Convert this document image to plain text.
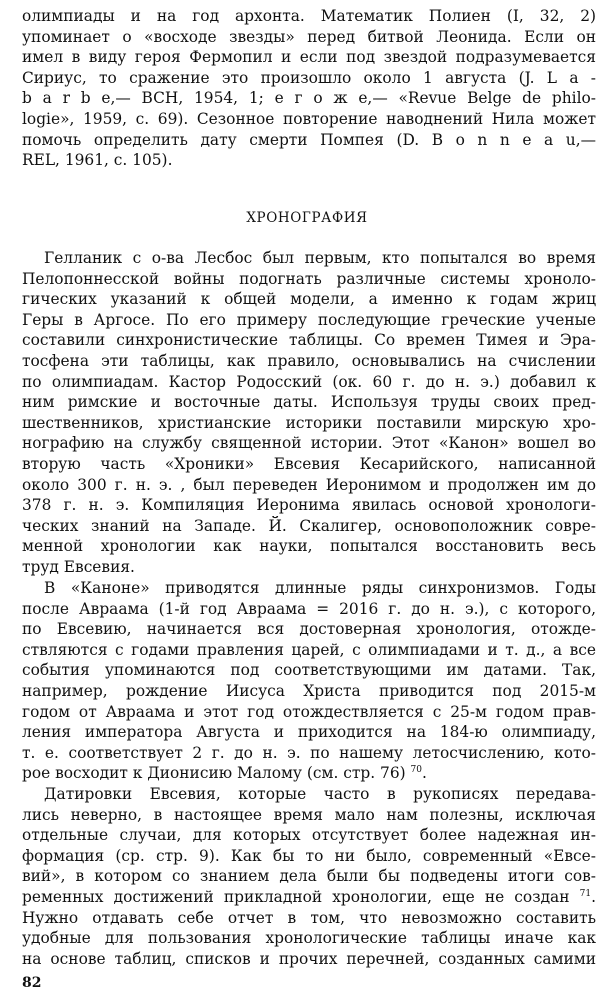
олимпиады и на год архонта. Математик Полиен (I, 32, 2)
упоминает о «восходе звезды» перед битвой Леонида. Если он
имел в виду героя Фермопил и если под звездой подразумевается
Сириус, то сражение это произошло около 1 августа (J. L a -
b a r b e,— BCH, 1954, 1; е г о ж е,— «Revue Belge de philo-
logie», 1959, с. 69). Сезонное повторение наводнений Нила может
помочь определить дату смерти Помпея (D. B o n n e a u,—
REL, 1961, с. 105).
ХРОНОГРАФИЯ
Гелланик с о-ва Лесбос был первым, кто попытался во время
Пелопоннесской войны подогнать различные системы хроноло-
гических указаний к общей модели, а именно к годам жриц
Геры в Аргосе. По его примеру последующие греческие ученые
составили синхронистические таблицы. Со времен Тимея и Эра-
тосфена эти таблицы, как правило, основывались на счислении
по олимпиадам. Кастор Родосский (ок. 60 г. до н. э.) добавил к
ним римские и восточные даты. Используя труды своих пред-
шественников, христианские историки поставили мирскую хро-
нографию на службу священной истории. Этот «Канон» вошел во
вторую часть «Хроники» Евсевия Кесарийского, написанной
около 300 г. н. э. , был переведен Иеронимом и продолжен им до
378 г. н. э. Компиляция Иеронима явилась основой хронологи-
ческих знаний на Западе. Й. Скалигер, основоположник совре-
менной хронологии как науки, попытался восстановить весь
труд Евсевия.
В «Каноне» приводятся длинные ряды синхронизмов. Годы
после Авраама (1-й год Авраама = 2016 г. до н. э.), с которого,
по Евсевию, начинается вся достоверная хронология, отожде-
ствляются с годами правления царей, с олимпиадами и т. д., а все
события упоминаются под соответствующими им датами. Так,
например, рождение Иисуса Христа приводится под 2015-м
годом от Авраама и этот год отождествляется с 25-м годом прав-
ления императора Августа и приходится на 184-ю олимпиаду,
т. е. соответствует 2 г. до н. э. по нашему летосчислению, кото-
рое восходит к Дионисию Малому (см. стр. 76) $^{70}$.
Датировки Евсевия, которые часто в рукописях передава-
лись неверно, в настоящее время мало нам полезны, исключая
отдельные случаи, для которых отсутствует более надежная ин-
формация (ср. стр. 9). Как бы то ни было, современный «Евсе-
вий», в котором со знанием дела были бы подведены итоги сов-
ременных достижений прикладной хронологии, еще не создан $^{71}$.
Нужно отдавать себе отчет в том, что невозможно составить
удобные для пользования хронологические таблицы иначе как
на основе таблиц, списков и прочих перечней, созданных самими
82
